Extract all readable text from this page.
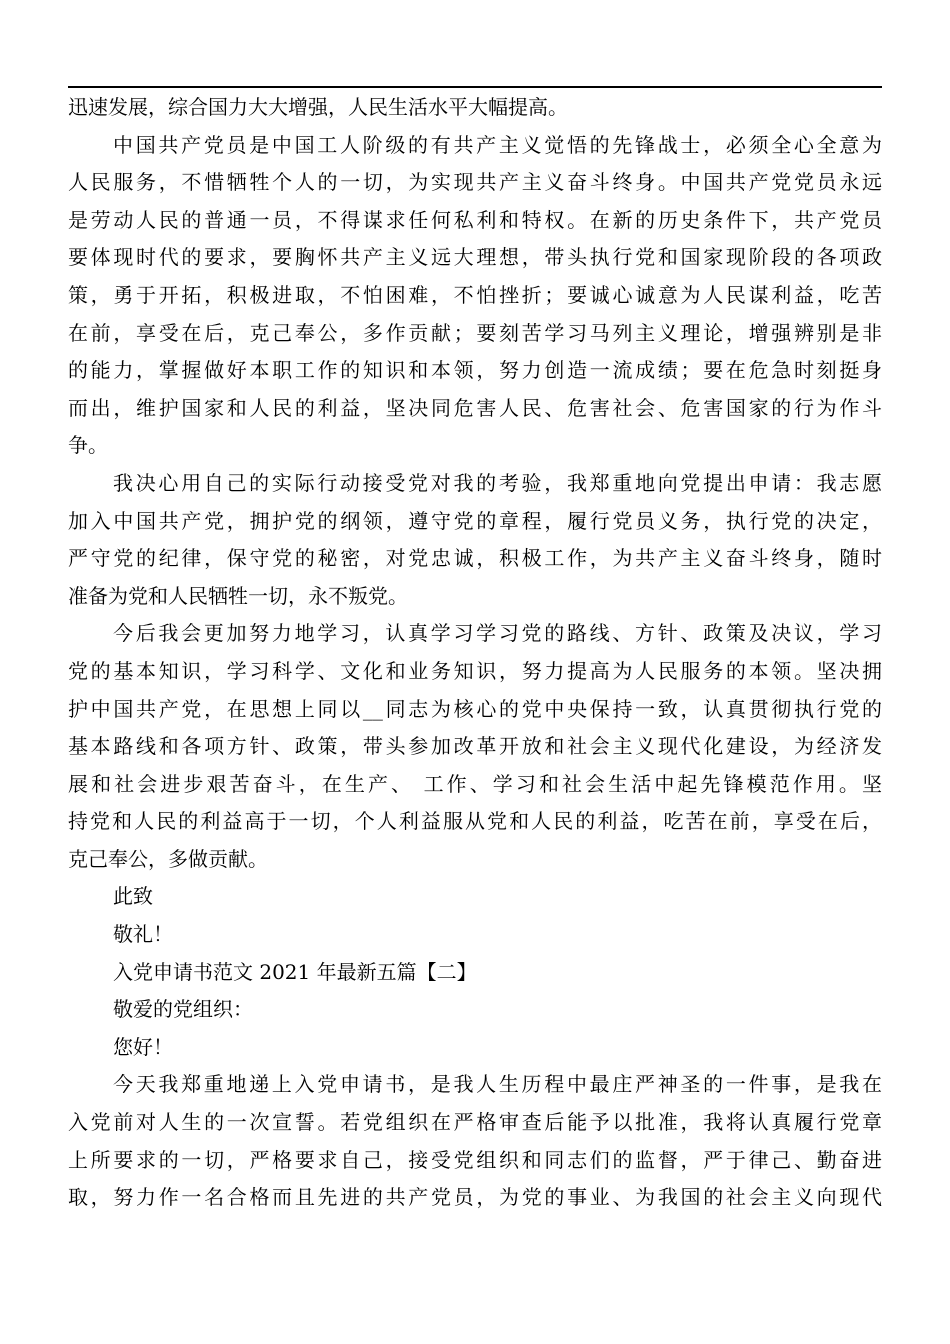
迅速发展，综合国力大大增强，人民生活水平大幅提高。
中国共产党员是中国工人阶级的有共产主义觉悟的先锋战士，必须全心全意为
人民服务，不惜牺牲个人的一切，为实现共产主义奋斗终身。中国共产党党员永远
是劳动人民的普通一员，不得谋求任何私利和特权。在新的历史条件下，共产党员
要体现时代的要求，要胸怀共产主义远大理想，带头执行党和国家现阶段的各项政
策，勇于开拓，积极进取，不怕困难，不怕挫折；要诚心诚意为人民谋利益，吃苦
在前，享受在后，克己奉公，多作贡献；要刻苦学习马列主义理论，增强辨别是非
的能力，掌握做好本职工作的知识和本领，努力创造一流成绩；要在危急时刻挺身
而出，维护国家和人民的利益，坚决同危害人民、危害社会、危害国家的行为作斗
争。
我决心用自己的实际行动接受党对我的考验，我郑重地向党提出申请：我志愿
加入中国共产党，拥护党的纲领，遵守党的章程，履行党员义务，执行党的决定，
严守党的纪律，保守党的秘密，对党忠诚，积极工作，为共产主义奋斗终身，随时
准备为党和人民牺牲一切，永不叛党。
今后我会更加努力地学习，认真学习学习党的路线、方针、政策及决议，学习
党的基本知识，学习科学、文化和业务知识，努力提高为人民服务的本领。坚决拥
护中国共产党，在思想上同以__同志为核心的党中央保持一致，认真贯彻执行党的
基本路线和各项方针、政策，带头参加改革开放和社会主义现代化建设，为经济发
展和社会进步艰苦奋斗，在生产、 工作、学习和社会生活中起先锋模范作用。坚
持党和人民的利益高于一切，个人利益服从党和人民的利益，吃苦在前，享受在后，
克己奉公，多做贡献。
此致
敬礼！
入党申请书范文 2021 年最新五篇【二】
敬爱的党组织：
您好！
今天我郑重地递上入党申请书，是我人生历程中最庄严神圣的一件事，是我在
入党前对人生的一次宣誓。若党组织在严格审查后能予以批准，我将认真履行党章
上所要求的一切，严格要求自己，接受党组织和同志们的监督，严于律己、勤奋进
取，努力作一名合格而且先进的共产党员，为党的事业、为我国的社会主义向现代
